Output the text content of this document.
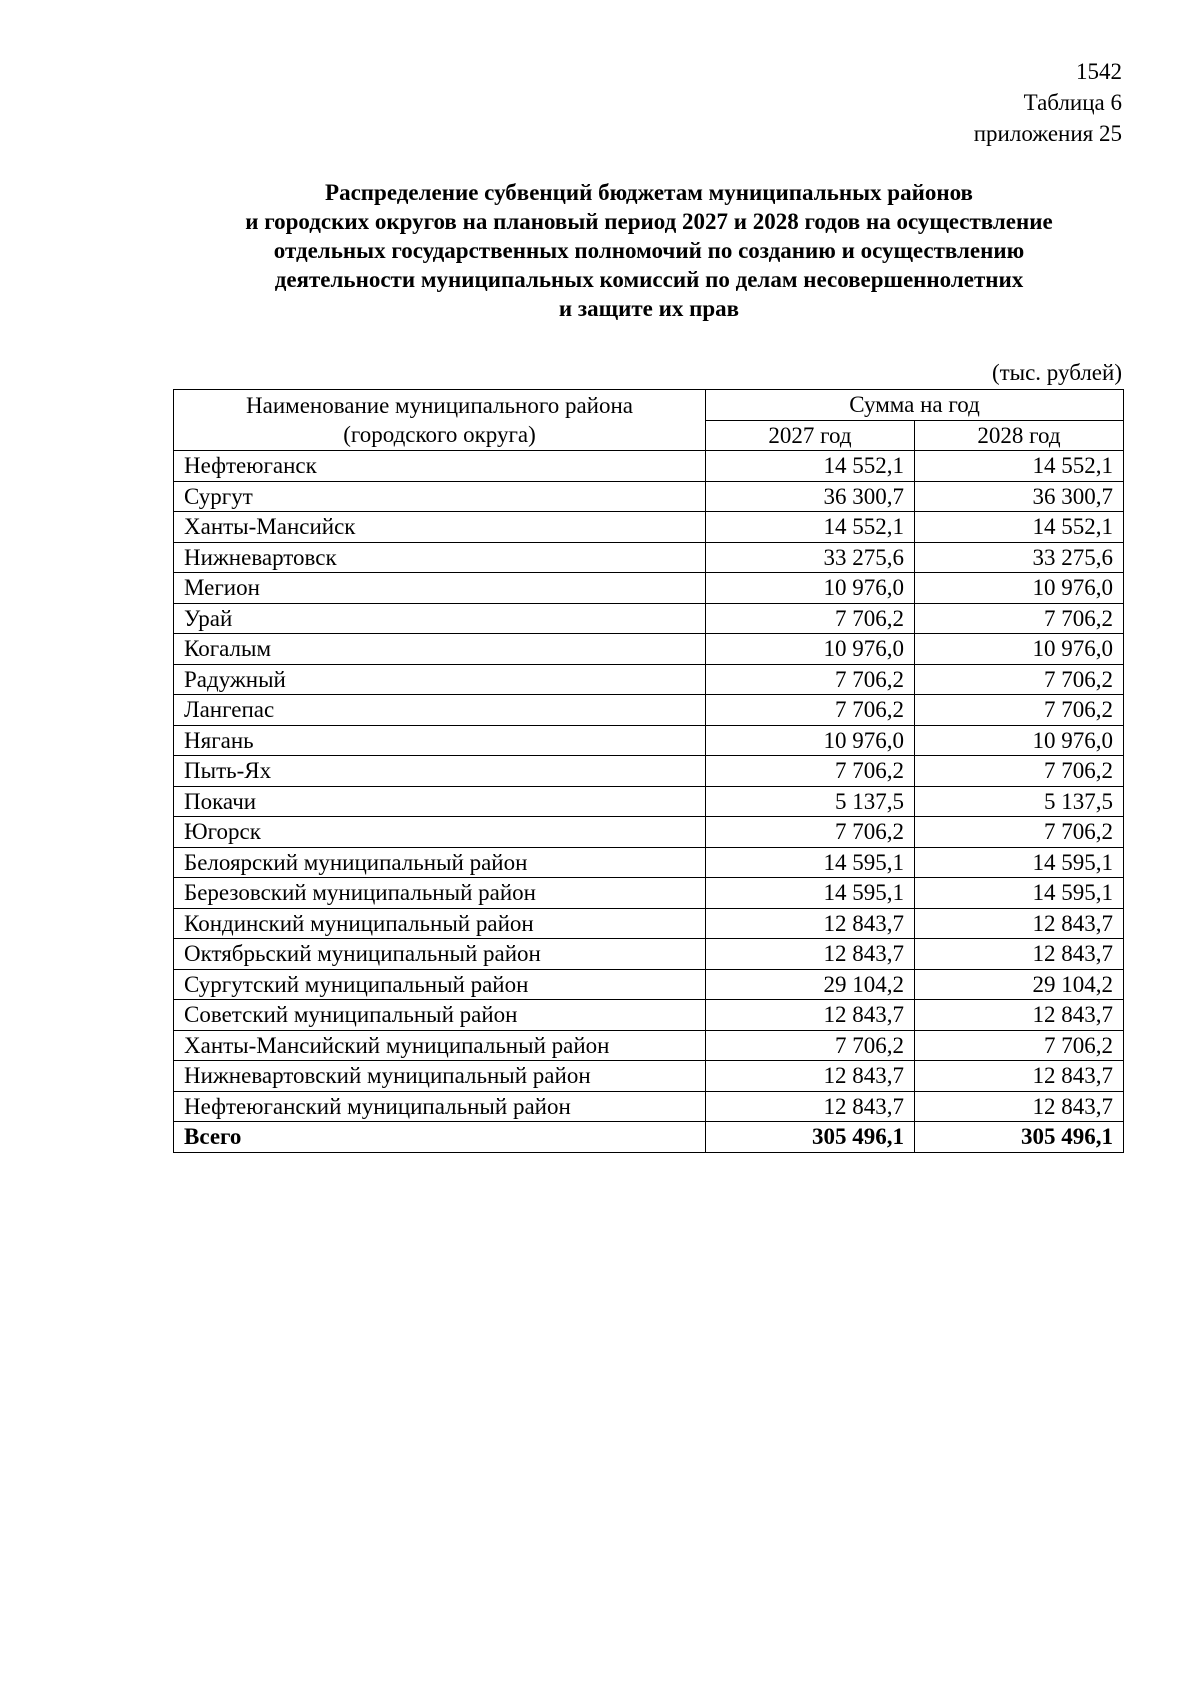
1542
Таблица 6
приложения 25
Распределение субвенций бюджетам муниципальных районов
и городских округов на плановый период 2027 и 2028 годов на осуществление
отдельных государственных полномочий по созданию и осуществлению
деятельности муниципальных комиссий по делам несовершеннолетних
и защите их прав
(тыс. рублей)
Наименование муниципального района
(городского округа)	Сумма на год	
	2027 год	2028 год
Нефтеюганск	14 552,1	14 552,1
Сургут	36 300,7	36 300,7
Ханты-Мансийск	14 552,1	14 552,1
Нижневартовск	33 275,6	33 275,6
Мегион	10 976,0	10 976,0
Урай	7 706,2	7 706,2
Когалым	10 976,0	10 976,0
Радужный	7 706,2	7 706,2
Лангепас	7 706,2	7 706,2
Нягань	10 976,0	10 976,0
Пыть-Ях	7 706,2	7 706,2
Покачи	5 137,5	5 137,5
Югорск	7 706,2	7 706,2
Белоярский муниципальный район	14 595,1	14 595,1
Березовский муниципальный район	14 595,1	14 595,1
Кондинский муниципальный район	12 843,7	12 843,7
Октябрьский муниципальный район	12 843,7	12 843,7
Сургутский муниципальный район	29 104,2	29 104,2
Советский муниципальный район	12 843,7	12 843,7
Ханты-Мансийский муниципальный район	7 706,2	7 706,2
Нижневартовский муниципальный район	12 843,7	12 843,7
Нефтеюганский муниципальный район	12 843,7	12 843,7
Всего	305 496,1	305 496,1
